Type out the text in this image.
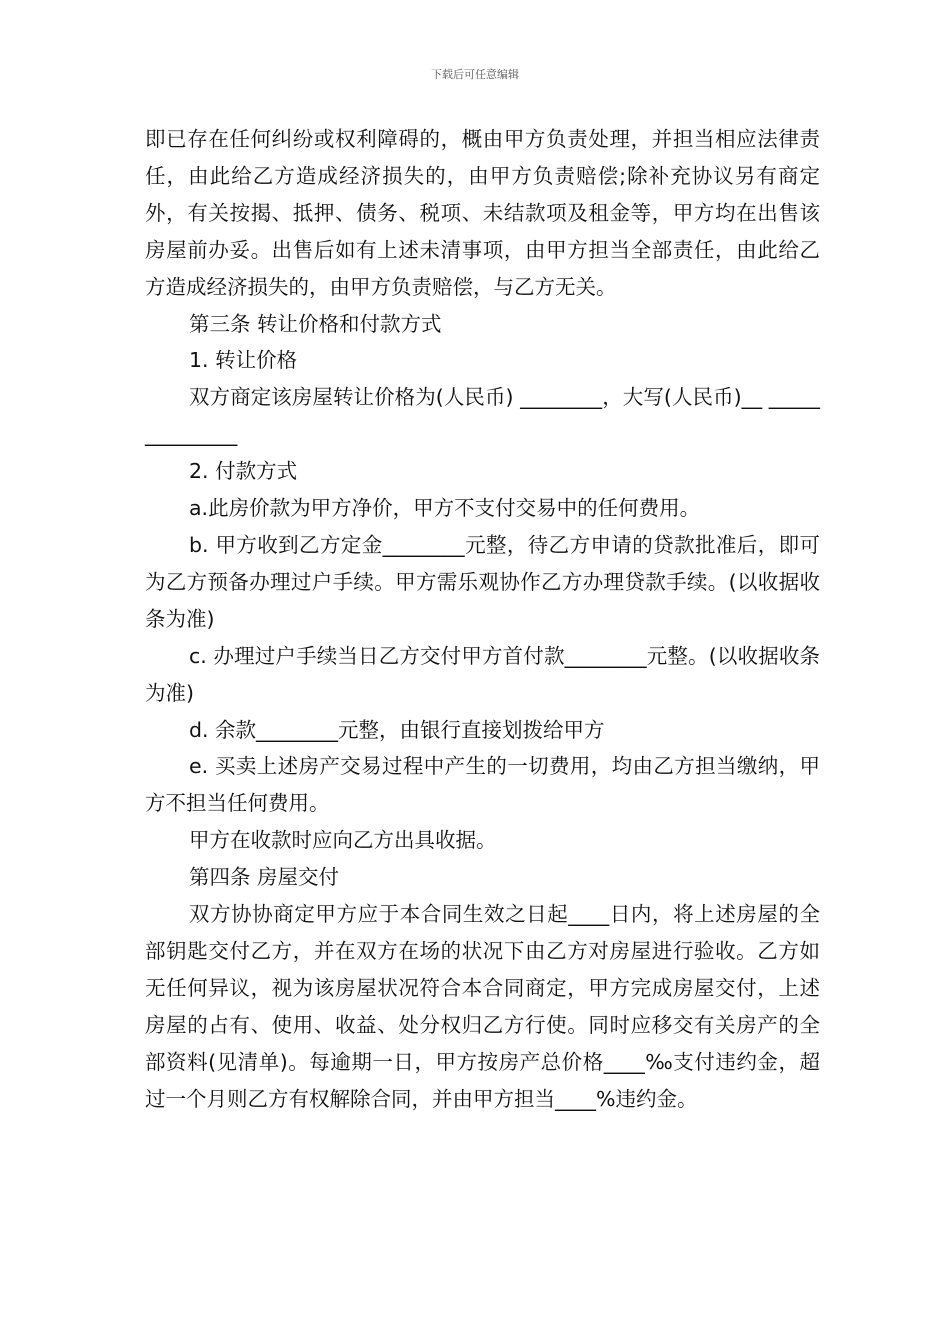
下载后可任意编辑

即已存在任何纠纷或权利障碍的，概由甲方负责处理，并担当相应法律责任，由此给乙方造成经济损失的，由甲方负责赔偿;除补充协议另有商定外，有关按揭、抵押、债务、税项、未结款项及租金等，甲方均在出售该房屋前办妥。出售后如有上述未清事项，由甲方担当全部责任，由此给乙方造成经济损失的，由甲方负责赔偿，与乙方无关。

第三条 转让价格和付款方式

1. 转让价格

双方商定该房屋转让价格为(人民币) ________，大写(人民币)__ ______________

2. 付款方式

a.此房价款为甲方净价，甲方不支付交易中的任何费用。

b. 甲方收到乙方定金________元整，待乙方申请的贷款批准后，即可为乙方预备办理过户手续。甲方需乐观协作乙方办理贷款手续。(以收据收条为准)

c. 办理过户手续当日乙方交付甲方首付款________元整。(以收据收条为准)

d. 余款________元整，由银行直接划拨给甲方

e. 买卖上述房产交易过程中产生的一切费用，均由乙方担当缴纳，甲方不担当任何费用。

甲方在收款时应向乙方出具收据。

第四条 房屋交付

双方协协商定甲方应于本合同生效之日起____日内，将上述房屋的全部钥匙交付乙方，并在双方在场的状况下由乙方对房屋进行验收。乙方如无任何异议，视为该房屋状况符合本合同商定，甲方完成房屋交付，上述房屋的占有、使用、收益、处分权归乙方行使。同时应移交有关房产的全部资料(见清单)。每逾期一日，甲方按房产总价格____‰支付违约金，超过一个月则乙方有权解除合同，并由甲方担当____%违约金。
